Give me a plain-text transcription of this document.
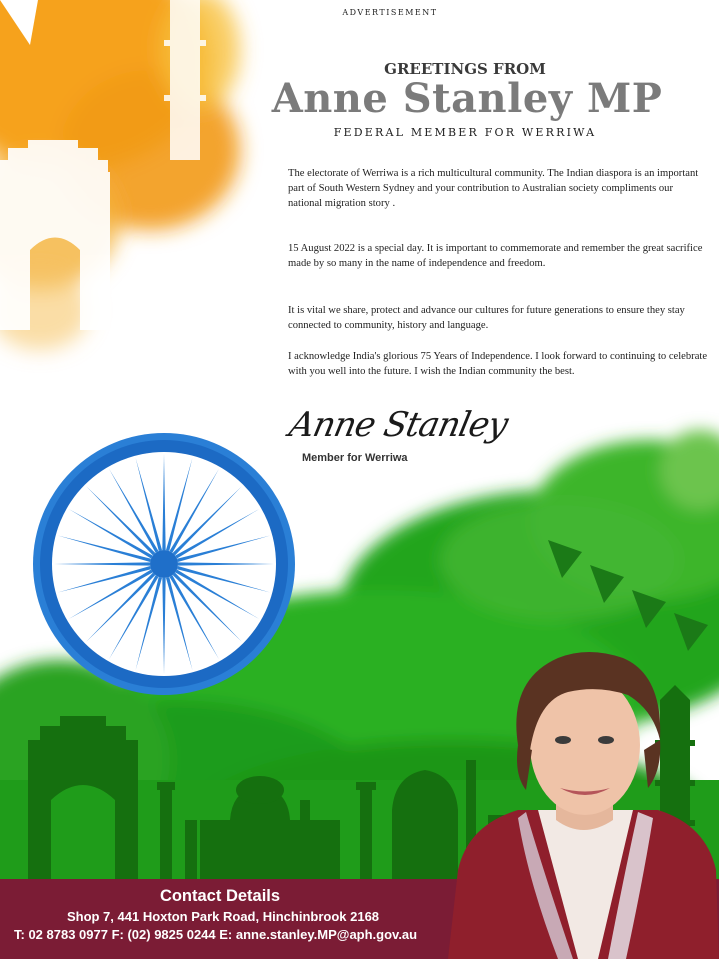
ADVERTISEMENT
GREETINGS FROM
Anne Stanley MP
FEDERAL MEMBER FOR WERRIWA
The electorate of Werriwa is a rich multicultural community. The Indian diaspora is an important part of South Western Sydney and your contribution to Australian society compliments our national migration story .
15 August 2022 is a special day. It is important to commemorate and remember the great sacrifice made by so many in the name of independence and freedom.
It is vital we share, protect and advance our cultures for future generations to ensure they stay connected to community, history and language.
I acknowledge India's glorious 75 Years of Independence. I look forward to continuing to celebrate with you well into the future. I wish the Indian community the best.
Anne Stanley
Member for Werriwa
Contact Details
Shop 7, 441 Hoxton Park Road, Hinchinbrook 2168
T: 02 8783 0977 F: (02) 9825 0244 E: anne.stanley.MP@aph.gov.au
